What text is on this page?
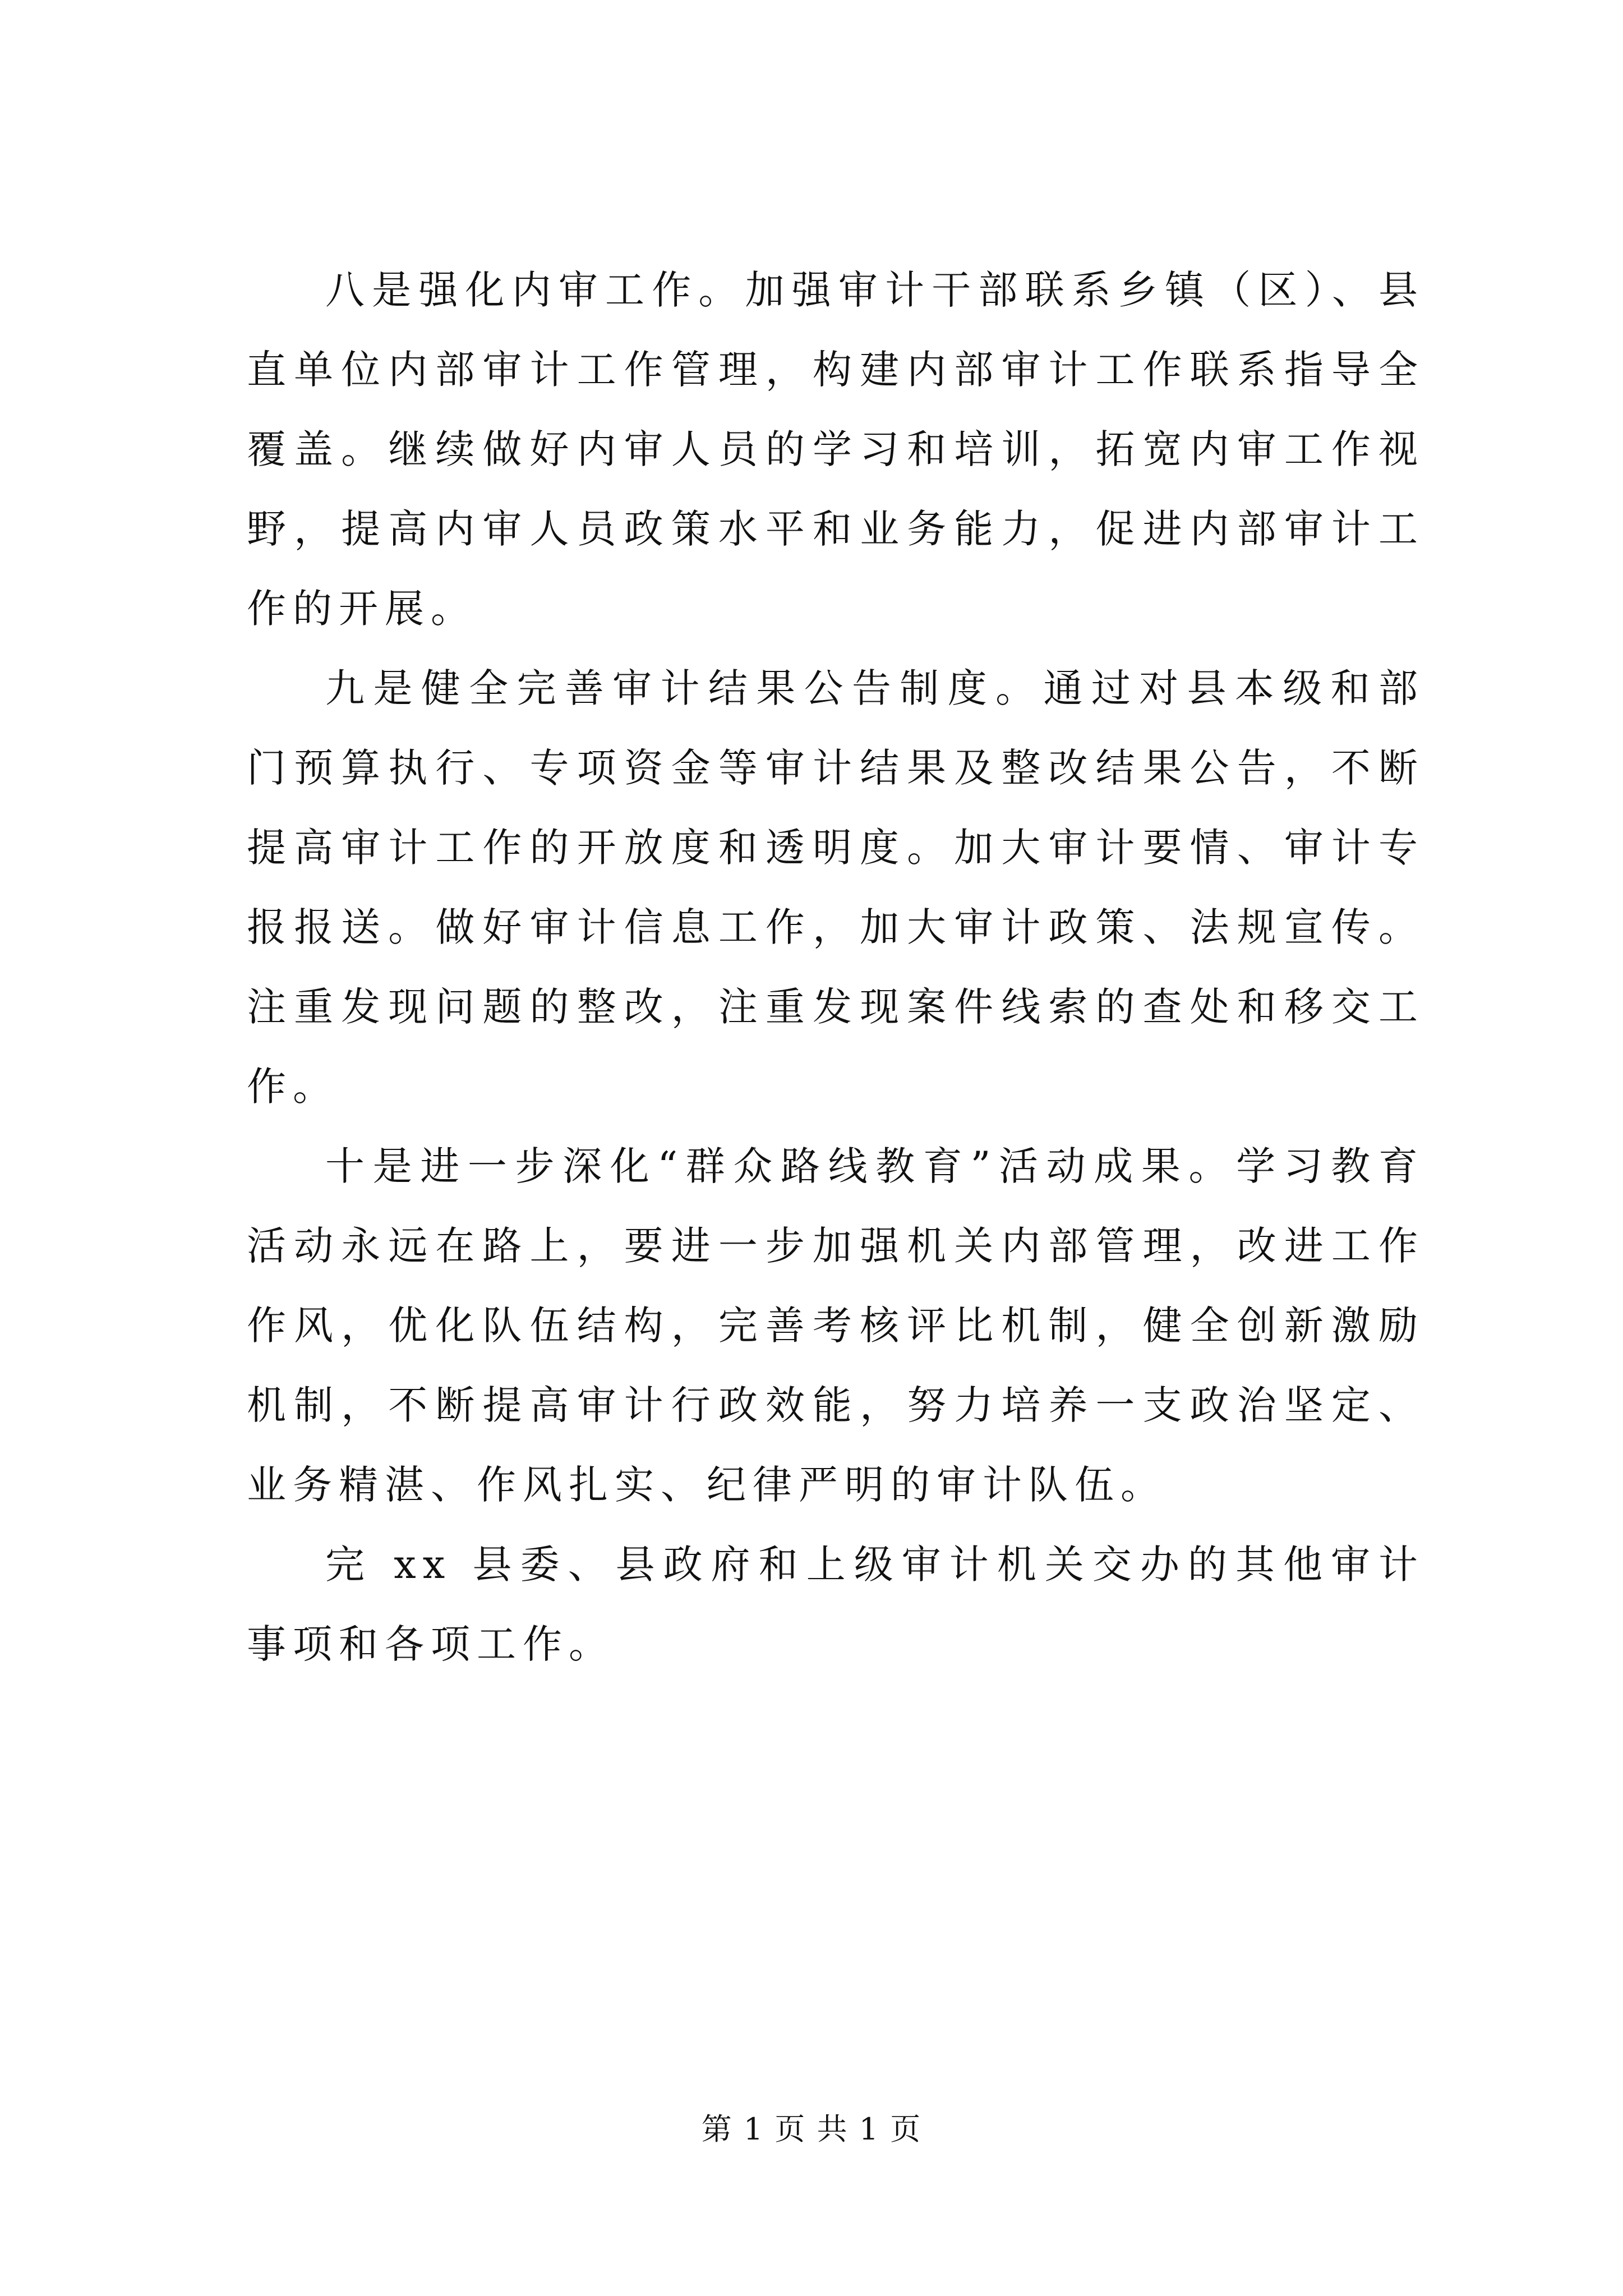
八是强化内审工作。加强审计干部联系乡镇（区）、县直单位内部审计工作管理，构建内部审计工作联系指导全覆盖。继续做好内审人员的学习和培训，拓宽内审工作视野，提高内审人员政策水平和业务能力，促进内部审计工作的开展。

九是健全完善审计结果公告制度。通过对县本级和部门预算执行、专项资金等审计结果及整改结果公告，不断提高审计工作的开放度和透明度。加大审计要情、审计专报报送。做好审计信息工作，加大审计政策、法规宣传。注重发现问题的整改，注重发现案件线索的查处和移交工作。

十是进一步深化“群众路线教育”活动成果。学习教育活动永远在路上，要进一步加强机关内部管理，改进工作作风，优化队伍结构，完善考核评比机制，健全创新激励机制，不断提高审计行政效能，努力培养一支政治坚定、业务精湛、作风扎实、纪律严明的审计队伍。

完 xx 县委、县政府和上级审计机关交办的其他审计事项和各项工作。

第 1 页 共 1 页
